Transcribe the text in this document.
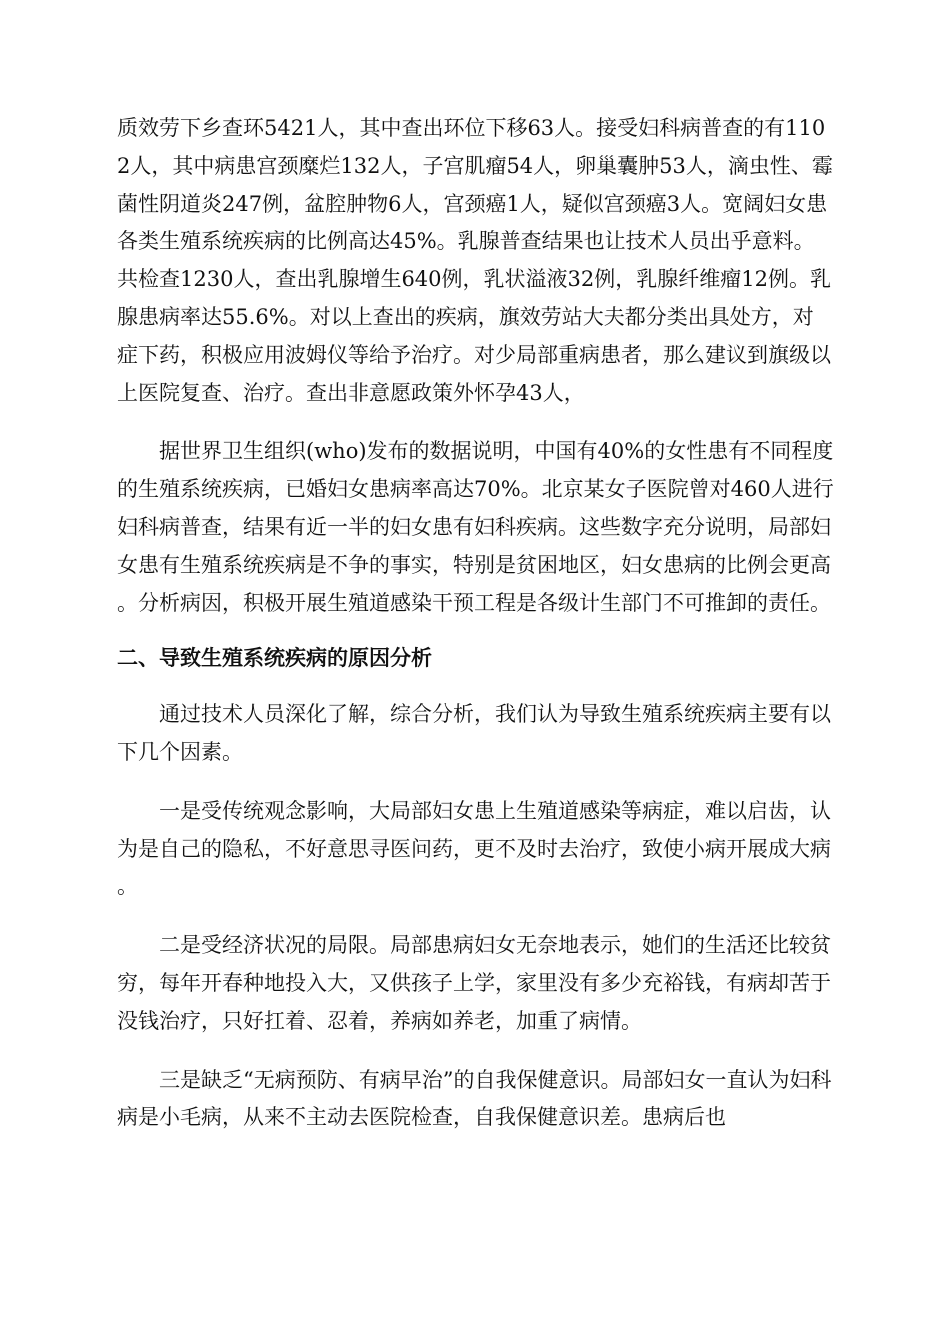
质效劳下乡查环5421人，其中查出环位下移63人。接受妇科病普查的有1102人，其中病患宫颈糜烂132人，子宫肌瘤54人，卵巢囊肿53人，滴虫性、霉菌性阴道炎247例，盆腔肿物6人，宫颈癌1人，疑似宫颈癌3人。宽阔妇女患各类生殖系统疾病的比例高达45%。乳腺普查结果也让技术人员出乎意料。共检查1230人，查出乳腺增生640例，乳状溢液32例，乳腺纤维瘤12例。乳腺患病率达55.6%。对以上查出的疾病，旗效劳站大夫都分类出具处方，对症下药，积极应用波姆仪等给予治疗。对少局部重病患者，那么建议到旗级以上医院复查、治疗。查出非意愿政策外怀孕43人，

据世界卫生组织(who)发布的数据说明，中国有40%的女性患有不同程度的生殖系统疾病，已婚妇女患病率高达70%。北京某女子医院曾对460人进行妇科病普查，结果有近一半的妇女患有妇科疾病。这些数字充分说明，局部妇女患有生殖系统疾病是不争的事实，特别是贫困地区，妇女患病的比例会更高。分析病因，积极开展生殖道感染干预工程是各级计生部门不可推卸的责任。

二、导致生殖系统疾病的原因分析

通过技术人员深化了解，综合分析，我们认为导致生殖系统疾病主要有以下几个因素。

一是受传统观念影响，大局部妇女患上生殖道感染等病症，难以启齿，认为是自己的隐私，不好意思寻医问药，更不及时去治疗，致使小病开展成大病。

二是受经济状况的局限。局部患病妇女无奈地表示，她们的生活还比较贫穷，每年开春种地投入大，又供孩子上学，家里没有多少充裕钱，有病却苦于没钱治疗，只好扛着、忍着，养病如养老，加重了病情。

三是缺乏“无病预防、有病早治”的自我保健意识。局部妇女一直认为妇科病是小毛病，从来不主动去医院检查，自我保健意识差。患病后也
